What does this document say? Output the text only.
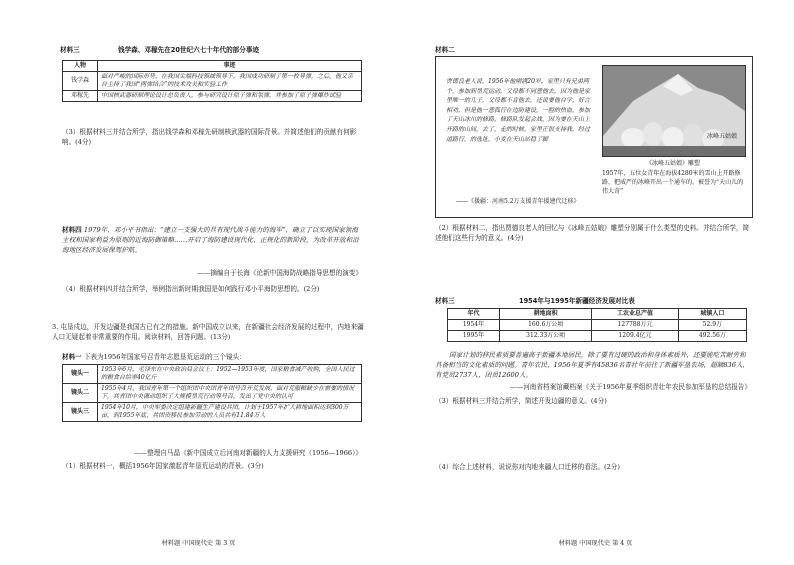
材料三	钱学森、邓稼先在20世纪六七十年代的部分事迹
人物	事迹
钱学森	面对严峻的国际形势，在我国尖端科技领域领导下，我国成功研制了第一枚导弹，之后，他又亲自主持了我国“两弹结合”的技术攻关和实验工作
邓稼先	中国核武器研制理论设计总负责人，参与研究设计原子弹和氢弹，并参加了原子弹爆炸试验
（3）根据材料三并结合所学，指出钱学森和邓稼先研制核武器的国际背景。并简述他们的贡献有何影响。(4分)
材料四 1979年，邓小平书指出：“建立一支强大的具有现代战斗能力的海军”，确立了以实现国家领海主权和国家利益为原则的近海防御策略……开启了海防建设现代化、正规化的新阶段，为改革开放和沿海地区经济发展保驾护航。
——摘编自于长海《论新中国海防战略指导思想的演变》
（4）根据材料四并结合所学，举例指出新时期我国是如何践行邓小平海防思想的。(2分)
3. 屯垦戍边，开发边疆是我国古已有之的措施。新中国成立以来，在新疆社会经济发展的过程中，内地来疆人口无疑起着非常重要的作用。阅读材料，回答问题。(13分)
材料一 下表为1956年国家号召青年志愿垦荒运动的三个镜头：
镜头一	1953年6月，毛泽东在中央政治局会议上：1952—1953年度，国家粮食减产收购，全国人民过的粮食自给率40亿斤
镜头二	1955年4月，我国青年第一个组织团中央团青年团号召开荒发展，面对荒服粮缺少在需要的情况下，共青团中央调动组织了大规模垦荒行动等号召，发出了党中央的认可
镜头三	1954年10月，中央军委决定组建新疆生产建设兵团，计划于1957年扩大耕地面积达到300万亩，到1955年底，共团资移民参加劳动的人员共有11.84万人
——整理自马晶《新中国成立后河南对新疆的人力支援研究（1956—1966）》
（1）根据材料一，概括1956年国家激起青年垦荒运动的背景。(3分)
材料题 中国现代史 第 3 页
材料二
贾德良老人说，1956年他刚满20岁，家里只有兄弟两个，参加到垦荒运动，父母都不同意他去，因为他是家里唯一的儿子，父母都不肯他去，还说要他自学，好言相劝，但是他一意孤行在边防建设，一腔的热血，参加了天山冰川的修路，修路队发起会战，因为要在天山上开路的山间，去了，走的时候，家里正很支持我，经过道路行，的选址，小麦在天山站稳了脚	冰峰五姑娘
《冰峰五姑娘》雕塑
1957年，五位女青年在海拔4280米的雪山上开路修路，把威严的冰峰开出一个通车的，被誉为“天山儿的伟大奇”
——《援疆：河南5.2万支援青年援建代迁移》
（2）根据材料二，指出贾德良老人的回忆与《冰峰五姑娘》雕塑分别属于什么类型的史料。并结合所学，简述他们这些行为的意义。(4分)
材料三	1954年与1995年新疆经济发展对比表
年代	耕地面积	工农业总产值	城镇人口
1954年	160.6万公顷	127788万元	52.9万
1995年	312.33万公顷	1209.4亿元	492.56万
国家计划的移民素质要普遍高于新疆本地居民，除了要有过硬的政治和身体素质外，还要能吃苦耐劳和具备相当的文化素质的问题。青年农民，1956年夏季有45836名青壮年前往了新疆军垦农场，超额836人，有党员2737人，团员12600人。
——河南省档案馆藏档案《关于1956年夏季组织青壮年农民参加军垦的总结报告》
（3）根据材料三并结合所学，简述开发边疆的意义。(4分)
（4）综合上述材料，说说你对内地来疆人口迁移的看法。(2分)
材料题 中国现代史 第 4 页
